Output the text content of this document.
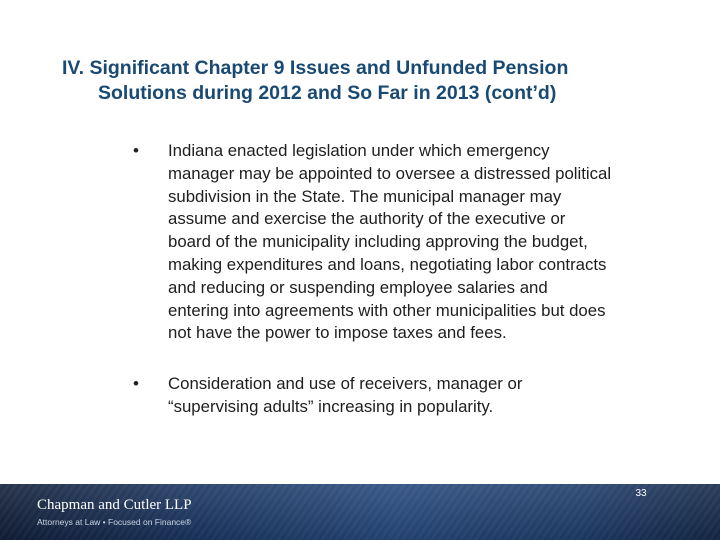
IV. Significant Chapter 9 Issues and Unfunded Pension
Solutions during 2012 and So Far in 2013 (cont’d)
• Indiana enacted legislation under which emergency
manager may be appointed to oversee a distressed political
subdivision in the State. The municipal manager may
assume and exercise the authority of the executive or
board of the municipality including approving the budget,
making expenditures and loans, negotiating labor contracts
and reducing or suspending employee salaries and
entering into agreements with other municipalities but does
not have the power to impose taxes and fees.
• Consideration and use of receivers, manager or
“supervising adults” increasing in popularity.
Chapman and Cutler LLP
Attorneys at Law • Focused on Finance®
33
